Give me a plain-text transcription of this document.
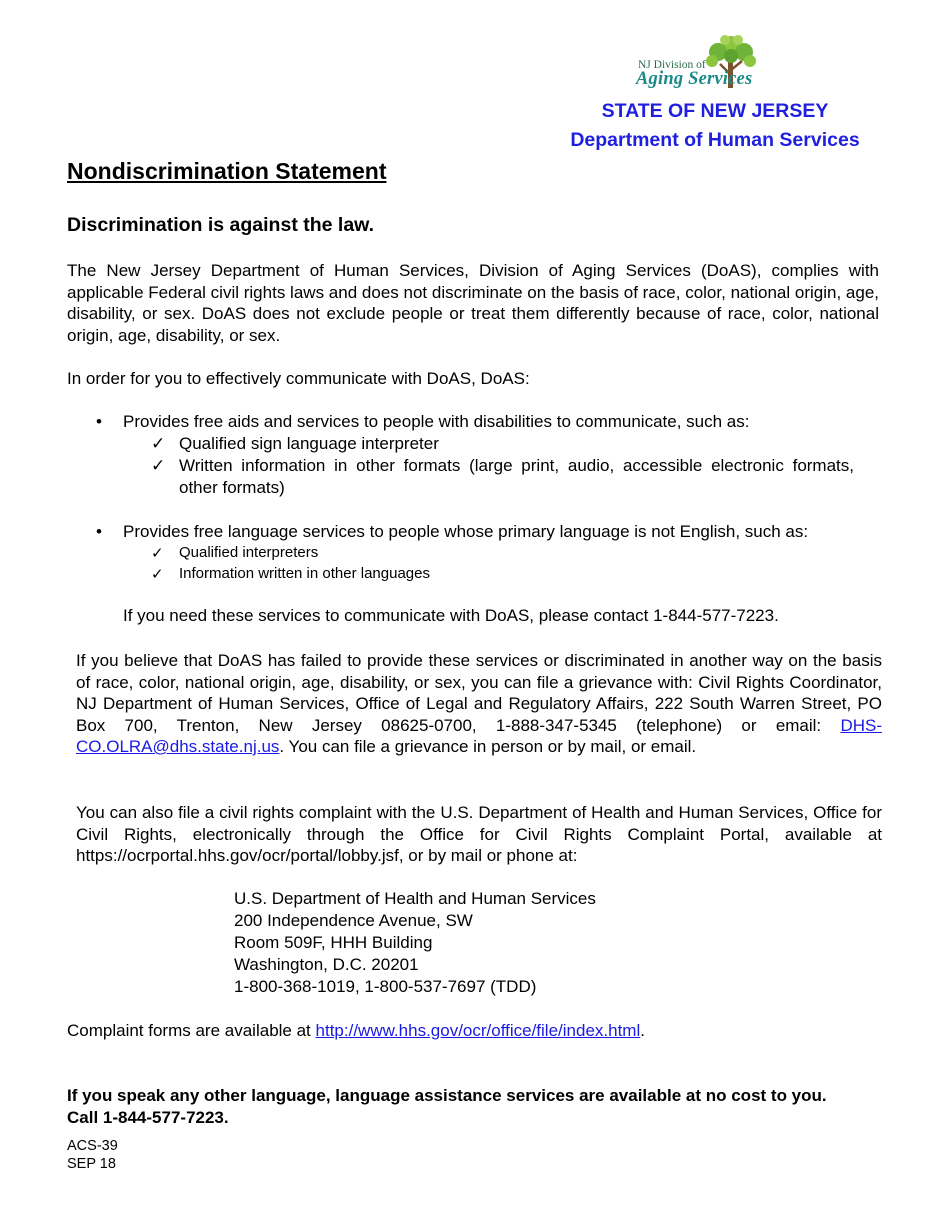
NJ Division of
Aging Services
STATE OF NEW JERSEY
Department of Human Services
Nondiscrimination Statement
Discrimination is against the law.
The New Jersey Department of Human Services, Division of Aging Services (DoAS), complies with applicable Federal civil rights laws and does not discriminate on the basis of race, color, national origin, age, disability, or sex. DoAS does not exclude people or treat them differently because of race, color, national origin, age, disability, or sex.
In order for you to effectively communicate with DoAS, DoAS:
• Provides free aids and services to people with disabilities to communicate, such as:
✓ Qualified sign language interpreter
✓ Written information in other formats (large print, audio, accessible electronic formats, other formats)
• Provides free language services to people whose primary language is not English, such as:
✓ Qualified interpreters
✓ Information written in other languages
If you need these services to communicate with DoAS, please contact 1-844-577-7223.
If you believe that DoAS has failed to provide these services or discriminated in another way on the basis of race, color, national origin, age, disability, or sex, you can file a grievance with: Civil Rights Coordinator, NJ Department of Human Services, Office of Legal and Regulatory Affairs, 222 South Warren Street, PO Box 700, Trenton, New Jersey 08625-0700, 1-888-347-5345 (telephone) or email: DHS-CO.OLRA@dhs.state.nj.us. You can file a grievance in person or by mail, or email.
You can also file a civil rights complaint with the U.S. Department of Health and Human Services, Office for Civil Rights, electronically through the Office for Civil Rights Complaint Portal, available at https://ocrportal.hhs.gov/ocr/portal/lobby.jsf, or by mail or phone at:
U.S. Department of Health and Human Services
200 Independence Avenue, SW
Room 509F, HHH Building
Washington, D.C. 20201
1-800-368-1019, 1-800-537-7697 (TDD)
Complaint forms are available at http://www.hhs.gov/ocr/office/file/index.html.
If you speak any other language, language assistance services are available at no cost to you. Call 1-844-577-7223.
ACS-39
SEP 18
